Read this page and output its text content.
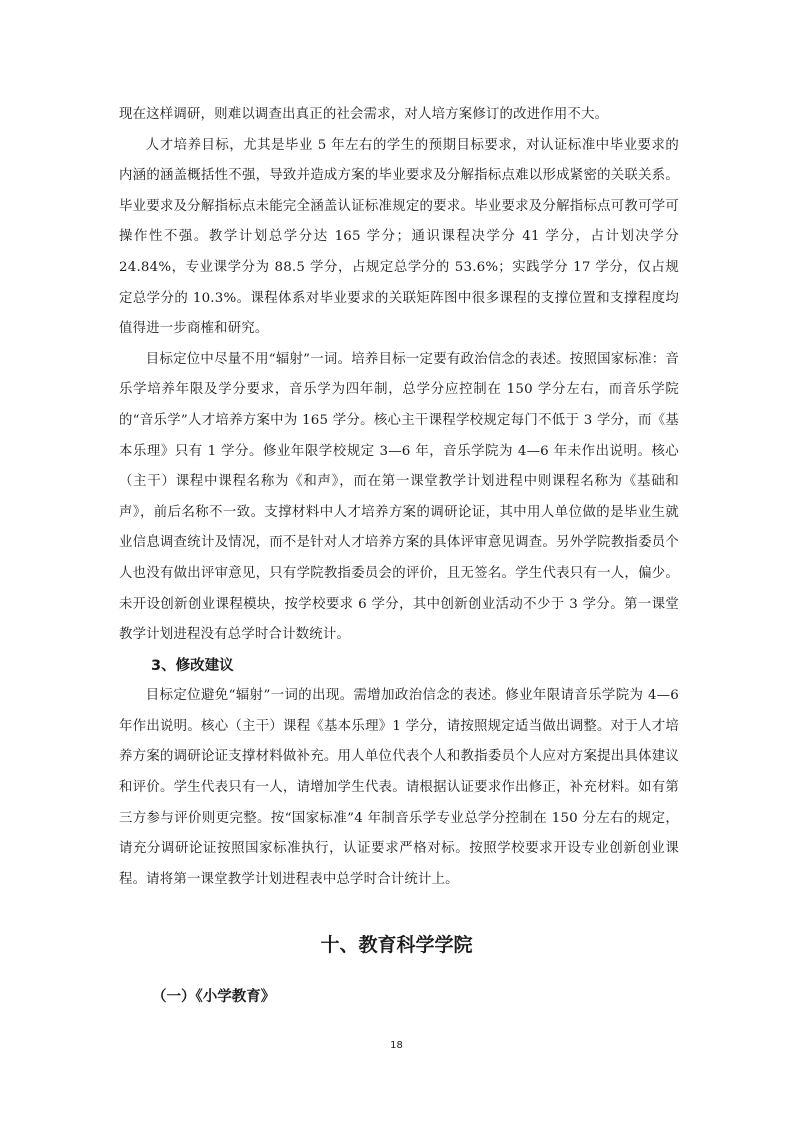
现在这样调研，则难以调查出真正的社会需求，对人培方案修订的改进作用不大。

人才培养目标，尤其是毕业 5 年左右的学生的预期目标要求，对认证标准中毕业要求的内涵的涵盖概括性不强，导致并造成方案的毕业要求及分解指标点难以形成紧密的关联关系。毕业要求及分解指标点未能完全涵盖认证标准规定的要求。毕业要求及分解指标点可教可学可操作性不强。教学计划总学分达 165 学分；通识课程决学分 41 学分，占计划决学分 24.84%，专业课学分为 88.5 学分，占规定总学分的 53.6%；实践学分 17 学分，仅占规定总学分的 10.3%。课程体系对毕业要求的关联矩阵图中很多课程的支撑位置和支撑程度均值得进一步商榷和研究。

目标定位中尽量不用“辐射”一词。培养目标一定要有政治信念的表述。按照国家标准：音乐学培养年限及学分要求，音乐学为四年制，总学分应控制在 150 学分左右，而音乐学院的“音乐学”人才培养方案中为 165 学分。核心主干课程学校规定每门不低于 3 学分，而《基本乐理》只有 1 学分。修业年限学校规定 3—6 年，音乐学院为 4—6 年未作出说明。核心（主干）课程中课程名称为《和声》，而在第一课堂教学计划进程中则课程名称为《基础和声》，前后名称不一致。支撑材料中人才培养方案的调研论证，其中用人单位做的是毕业生就业信息调查统计及情况，而不是针对人才培养方案的具体评审意见调查。另外学院教指委员个人也没有做出评审意见，只有学院教指委员会的评价，且无签名。学生代表只有一人，偏少。未开设创新创业课程模块，按学校要求 6 学分，其中创新创业活动不少于 3 学分。第一课堂教学计划进程没有总学时合计数统计。

3、修改建议

目标定位避免“辐射”一词的出现。需增加政治信念的表述。修业年限请音乐学院为 4—6 年作出说明。核心（主干）课程《基本乐理》1 学分，请按照规定适当做出调整。对于人才培养方案的调研论证支撑材料做补充。用人单位代表个人和教指委员个人应对方案提出具体建议和评价。学生代表只有一人，请增加学生代表。请根据认证要求作出修正，补充材料。如有第三方参与评价则更完整。按“国家标准”4 年制音乐学专业总学分控制在 150 分左右的规定，请充分调研论证按照国家标准执行，认证要求严格对标。按照学校要求开设专业创新创业课程。请将第一课堂教学计划进程表中总学时合计统计上。

十、教育科学学院
（一）《小学教育》
18
